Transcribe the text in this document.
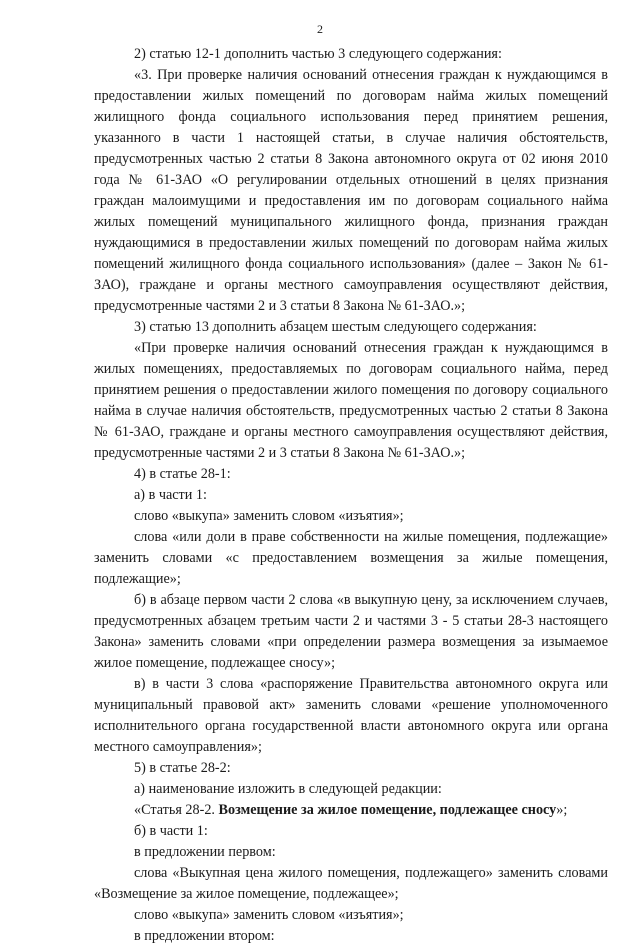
2

2) статью 12-1 дополнить частью 3 следующего содержания:

«3. При проверке наличия оснований отнесения граждан к нуждающимся в предоставлении жилых помещений по договорам найма жилых помещений жилищного фонда социального использования перед принятием решения, указанного в части 1 настоящей статьи, в случае наличия обстоятельств, предусмотренных частью 2 статьи 8 Закона автономного округа от 02 июня 2010 года № 61-ЗАО «О регулировании отдельных отношений в целях признания граждан малоимущими и предоставления им по договорам социального найма жилых помещений муниципального жилищного фонда, признания граждан нуждающимися в предоставлении жилых помещений по договорам найма жилых помещений жилищного фонда социального использования» (далее – Закон № 61-ЗАО), граждане и органы местного самоуправления осуществляют действия, предусмотренные частями 2 и 3 статьи 8 Закона № 61-ЗАО.»;

3) статью 13 дополнить абзацем шестым следующего содержания:

«При проверке наличия оснований отнесения граждан к нуждающимся в жилых помещениях, предоставляемых по договорам социального найма, перед принятием решения о предоставлении жилого помещения по договору социального найма в случае наличия обстоятельств, предусмотренных частью 2 статьи 8 Закона № 61-ЗАО, граждане и органы местного самоуправления осуществляют действия, предусмотренные частями 2 и 3 статьи 8 Закона № 61-ЗАО.»;

4) в статье 28-1:

а) в части 1:

слово «выкупа» заменить словом «изъятия»;

слова «или доли в праве собственности на жилые помещения, подлежащие» заменить словами «с предоставлением возмещения за жилые помещения, подлежащие»;

б) в абзаце первом части 2 слова «в выкупную цену, за исключением случаев, предусмотренных абзацем третьим части 2 и частями 3 - 5 статьи 28-3 настоящего Закона» заменить словами «при определении размера возмещения за изымаемое жилое помещение, подлежащее сносу»;

в) в части 3 слова «распоряжение Правительства автономного округа или муниципальный правовой акт» заменить словами «решение уполномоченного исполнительного органа государственной власти автономного округа или органа местного самоуправления»;

5) в статье 28-2:

а) наименование изложить в следующей редакции:

«Статья 28-2. Возмещение за жилое помещение, подлежащее сносу»;

б) в части 1:

в предложении первом:

слова «Выкупная цена жилого помещения, подлежащего» заменить словами «Возмещение за жилое помещение, подлежащее»;

слово «выкупа» заменить словом «изъятия»;

в предложении втором:
